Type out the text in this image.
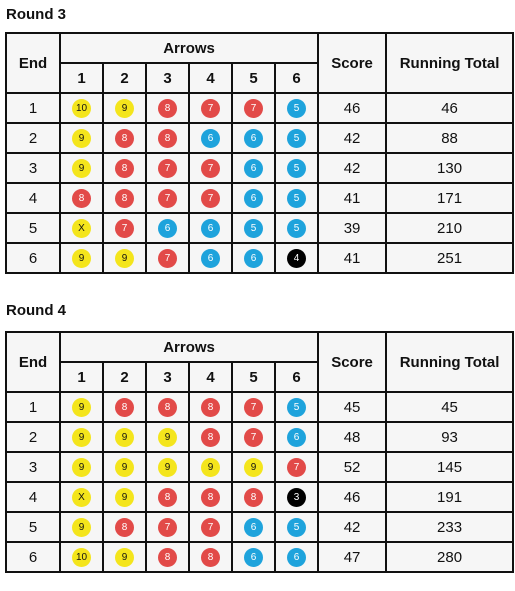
Round 3
End	Arrows						Score	Running Total
	1	2	3	4	5	6		
1	10	9	8	7	7	5	46	46
2	9	8	8	6	6	5	42	88
3	9	8	7	7	6	5	42	130
4	8	8	7	7	6	5	41	171
5	X	7	6	6	5	5	39	210
6	9	9	7	6	6	4	41	251
Round 4
End	Arrows						Score	Running Total
	1	2	3	4	5	6		
1	9	8	8	8	7	5	45	45
2	9	9	9	8	7	6	48	93
3	9	9	9	9	9	7	52	145
4	X	9	8	8	8	3	46	191
5	9	8	7	7	6	5	42	233
6	10	9	8	8	6	6	47	280
